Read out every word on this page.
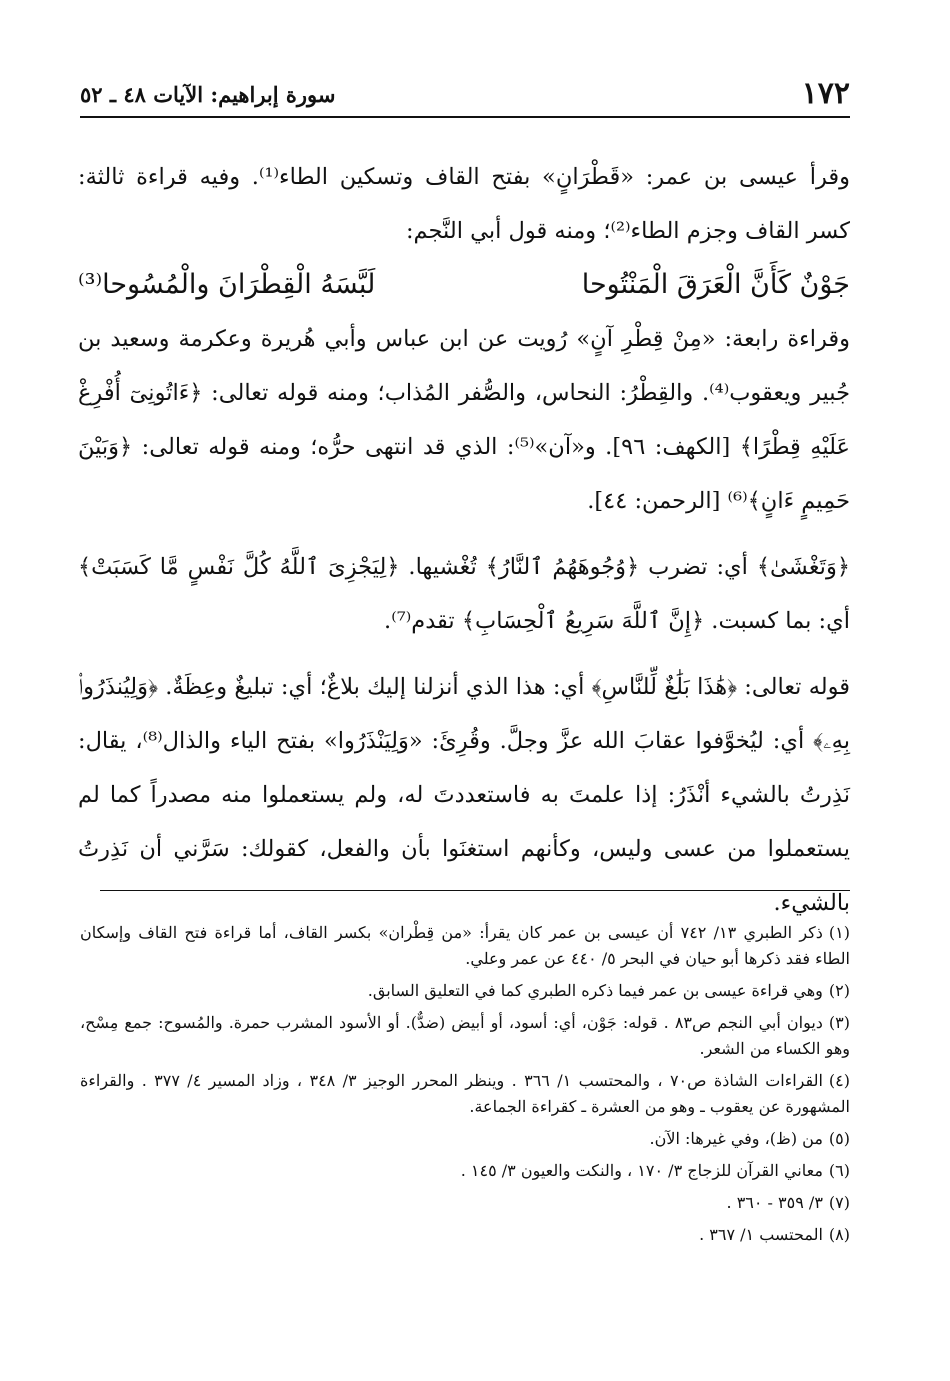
١٧٢
سورة إبراهيم: الآيات ٤٨ ـ ٥٢

وقرأ عيسى بن عمر: «قَطْرَانٍ» بفتح القاف وتسكين الطاء⁽¹⁾. وفيه قراءة ثالثة: كسر القاف وجزم الطاء⁽²⁾؛ ومنه قول أبي النَّجم:

جَوْنٌ كَأَنَّ الْعَرَقَ الْمَنْتُوحا
لَبَّسَهُ الْقِطْرَانَ والْمُسُوحا⁽³⁾

وقراءة رابعة: «مِنْ قِطْرِ آنٍ» رُويت عن ابن عباس وأبي هُريرة وعكرمة وسعيد بن جُبير ويعقوب⁽⁴⁾. والقِطْرُ: النحاس، والصُّفر المُذاب؛ ومنه قوله تعالى: ﴿ءَاتُونِىٓ أُفْرِغْ عَلَيْهِ قِطْرًا﴾ [الكهف: ٩٦]. و«آن»⁽⁵⁾: الذي قد انتهى حرُّه؛ ومنه قوله تعالى: ﴿وَبَيْنَ حَمِيمٍ ءَانٍ﴾⁽⁶⁾ [الرحمن: ٤٤].

﴿وَتَغْشَىٰ﴾ أي: تضرب ﴿وُجُوهَهُمُ ٱلنَّارُ﴾ تُغْشيها. ﴿لِيَجْزِىَ ٱللَّهُ كُلَّ نَفْسٍ مَّا كَسَبَتْ﴾ أي: بما كسبت. ﴿إِنَّ ٱللَّهَ سَرِيعُ ٱلْحِسَابِ﴾ تقدم⁽⁷⁾.

قوله تعالى: ﴿هَٰذَا بَلَٰغٌ لِّلنَّاسِ﴾ أي: هذا الذي أنزلنا إليك بلاغٌ؛ أي: تبليغٌ وعِظَةٌ. ﴿وَلِيُنذَرُوا۟ بِهِۦ﴾ أي: ليُخوَّفوا عقابَ الله عزَّ وجلَّ. وقُرِئَ: «وَلِيَنْذَرُوا» بفتح الياء والذال⁽⁸⁾، يقال: نَذِرتُ بالشيء أنْذَرُ: إذا علمتَ به فاستعددتَ له، ولم يستعملوا منه مصدراً كما لم يستعملوا من عسى وليس، وكأنهم استغنَوا بأن والفعل، كقولك: سَرَّني أن نَذِرتُ بالشيء.

(١)ذكر الطبري ١٣/ ٧٤٢ أن عيسى بن عمر كان يقرأ: «من قِطْران» بكسر القاف، أما قراءة فتح القاف وإسكان الطاء فقد ذكرها أبو حيان في البحر ٥/ ٤٤٠ عن عمر وعلي.

(٢)وهي قراءة عيسى بن عمر فيما ذكره الطبري كما في التعليق السابق.

(٣)ديوان أبي النجم ص٨٣ . قوله: جَوْن، أي: أسود، أو أبيض (ضدٌّ). أو الأسود المشرب حمرة. والمُسوح: جمع مِسْح، وهو الكساء من الشعر.

(٤)القراءات الشاذة ص٧٠ ، والمحتسب ١/ ٣٦٦ . وينظر المحرر الوجيز ٣/ ٣٤٨ ، وزاد المسير ٤/ ٣٧٧ . والقراءة المشهورة عن يعقوب ـ وهو من العشرة ـ كقراءة الجماعة.

(٥)من (ظ)، وفي غيرها: الآن.

(٦)معاني القرآن للزجاج ٣/ ١٧٠ ، والنكت والعيون ٣/ ١٤٥ .

(٧)٣/ ٣٥٩ - ٣٦٠ .

(٨)المحتسب ١/ ٣٦٧ .
